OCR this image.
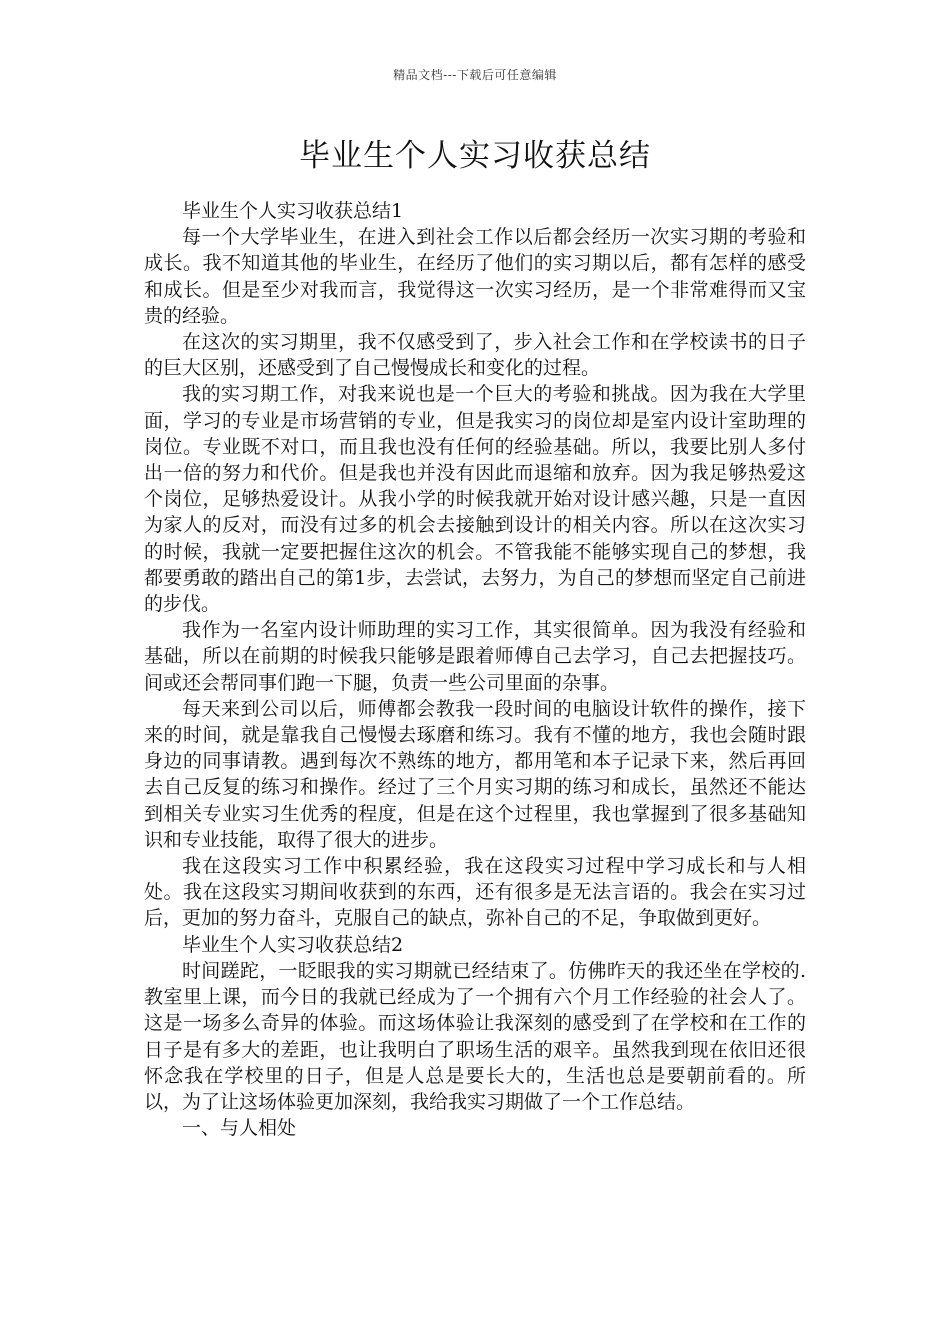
精品文档---下载后可任意编辑
毕业生个人实习收获总结

毕业生个人实习收获总结1

每一个大学毕业生，在进入到社会工作以后都会经历一次实习期的考验和成长。我不知道其他的毕业生，在经历了他们的实习期以后，都有怎样的感受和成长。但是至少对我而言，我觉得这一次实习经历，是一个非常难得而又宝贵的经验。

在这次的实习期里，我不仅感受到了，步入社会工作和在学校读书的日子的巨大区别，还感受到了自己慢慢成长和变化的过程。

我的实习期工作，对我来说也是一个巨大的考验和挑战。因为我在大学里面，学习的专业是市场营销的专业，但是我实习的岗位却是室内设计室助理的岗位。专业既不对口，而且我也没有任何的经验基础。所以，我要比别人多付出一倍的努力和代价。但是我也并没有因此而退缩和放弃。因为我足够热爱这个岗位，足够热爱设计。从我小学的时候我就开始对设计感兴趣，只是一直因为家人的反对，而没有过多的机会去接触到设计的相关内容。所以在这次实习的时候，我就一定要把握住这次的机会。不管我能不能够实现自己的梦想，我都要勇敢的踏出自己的第1步，去尝试，去努力，为自己的梦想而坚定自己前进的步伐。

我作为一名室内设计师助理的实习工作，其实很简单。因为我没有经验和基础，所以在前期的时候我只能够是跟着师傅自己去学习，自己去把握技巧。间或还会帮同事们跑一下腿，负责一些公司里面的杂事。

每天来到公司以后，师傅都会教我一段时间的电脑设计软件的操作，接下来的时间，就是靠我自己慢慢去琢磨和练习。我有不懂的地方，我也会随时跟身边的同事请教。遇到每次不熟练的地方，都用笔和本子记录下来，然后再回去自己反复的练习和操作。经过了三个月实习期的练习和成长，虽然还不能达到相关专业实习生优秀的程度，但是在这个过程里，我也掌握到了很多基础知识和专业技能，取得了很大的进步。

我在这段实习工作中积累经验，我在这段实习过程中学习成长和与人相处。我在这段实习期间收获到的东西，还有很多是无法言语的。我会在实习过后，更加的努力奋斗，克服自己的缺点，弥补自己的不足，争取做到更好。

毕业生个人实习收获总结2

时间蹉跎，一眨眼我的实习期就已经结束了。仿佛昨天的我还坐在学校的.教室里上课，而今日的我就已经成为了一个拥有六个月工作经验的社会人了。这是一场多么奇异的体验。而这场体验让我深刻的感受到了在学校和在工作的日子是有多大的差距，也让我明白了职场生活的艰辛。虽然我到现在依旧还很怀念我在学校里的日子，但是人总是要长大的，生活也总是要朝前看的。所以，为了让这场体验更加深刻，我给我实习期做了一个工作总结。

一、与人相处
